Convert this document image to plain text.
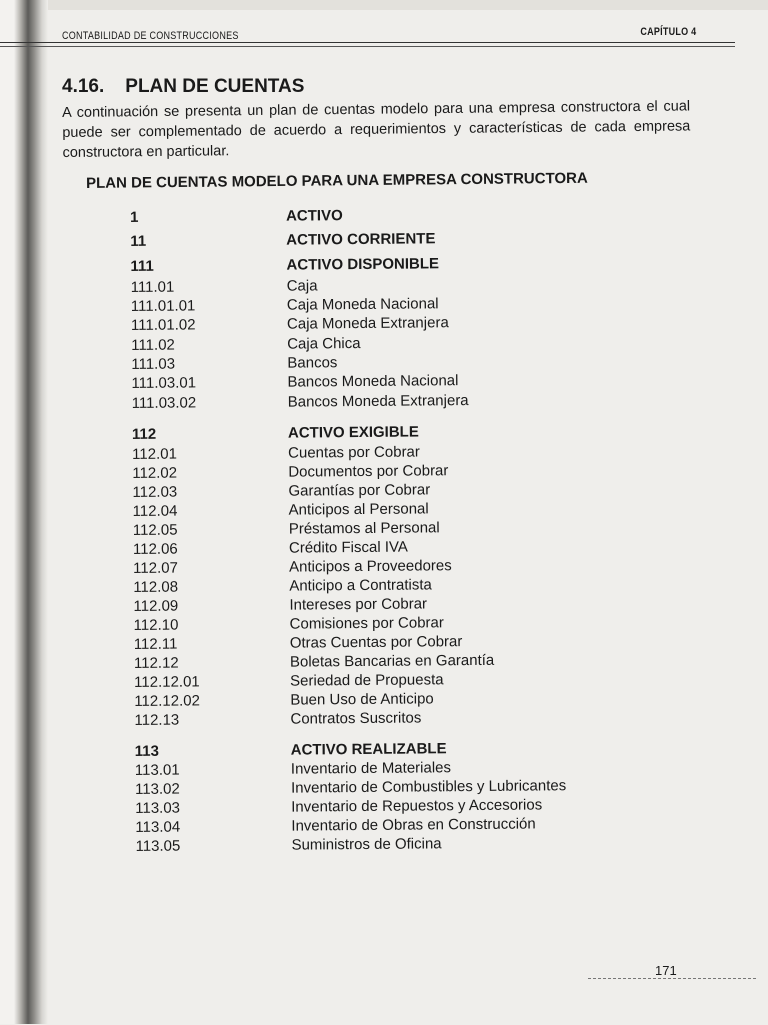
CONTABILIDAD DE CONSTRUCCIONES	CAPÍTULO 4
4.16. PLAN DE CUENTAS
A continuación se presenta un plan de cuentas modelo para una empresa constructora el cual puede ser complementado de acuerdo a requerimientos y características de cada empresa constructora en particular.
PLAN DE CUENTAS MODELO PARA UNA EMPRESA CONSTRUCTORA
1	ACTIVO
11	ACTIVO CORRIENTE
111	ACTIVO DISPONIBLE
111.01	Caja
111.01.01	Caja Moneda Nacional
111.01.02	Caja Moneda Extranjera
111.02	Caja Chica
111.03	Bancos
111.03.01	Bancos Moneda Nacional
111.03.02	Bancos Moneda Extranjera
112	ACTIVO EXIGIBLE
112.01	Cuentas por Cobrar
112.02	Documentos por Cobrar
112.03	Garantías por Cobrar
112.04	Anticipos al Personal
112.05	Préstamos al Personal
112.06	Crédito Fiscal IVA
112.07	Anticipos a Proveedores
112.08	Anticipo a Contratista
112.09	Intereses por Cobrar
112.10	Comisiones por Cobrar
112.11	Otras Cuentas por Cobrar
112.12	Boletas Bancarias en Garantía
112.12.01	Seriedad de Propuesta
112.12.02	Buen Uso de Anticipo
112.13	Contratos Suscritos
113	ACTIVO REALIZABLE
113.01	Inventario de Materiales
113.02	Inventario de Combustibles y Lubricantes
113.03	Inventario de Repuestos y Accesorios
113.04	Inventario de Obras en Construcción
113.05	Suministros de Oficina
171
